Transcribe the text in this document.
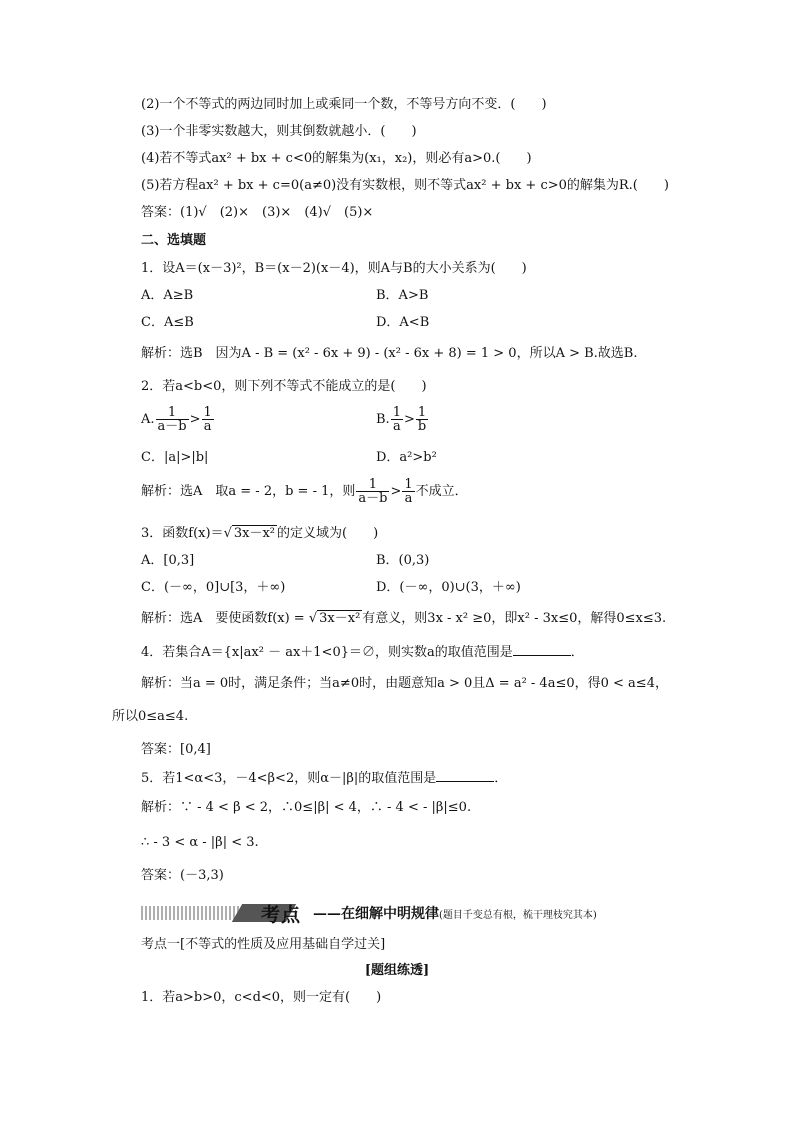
(2)一个不等式的两边同时加上或乘同一个数，不等号方向不变．(　　)
(3)一个非零实数越大，则其倒数就越小．(　　)
(4)若不等式ax² + bx + c<0的解集为(x₁，x₂)，则必有a>0.(　　)
(5)若方程ax² + bx + c=0(a≠0)没有实数根，则不等式ax² + bx + c>0的解集为R.(　　)
答案：(1)√　(2)×　(3)×　(4)√　(5)×
二、选填题
1．设A＝(x－3)²，B＝(x－2)(x－4)，则A与B的大小关系为(　　)
A．A≥B	B．A>B
C．A≤B	D．A<B
解析：选B　因为A - B = (x² - 6x + 9) - (x² - 6x + 8) = 1 > 0，所以A > B.故选B.
2．若a<b<0，则下列不等式不能成立的是(　　)
A. $\frac{1}{a-b} > \frac{1}{a}$	B. $\frac{1}{a} > \frac{1}{b}$
C．|a|>|b|	D．a²>b²
解析：选A　取a = - 2，b = - 1，则 $\frac{1}{a-b} > \frac{1}{a}$ 不成立．
3．函数f(x)＝√ 3x－x² 的定义域为(　　)
A．[0,3]	B．(0,3)
C．(－∞，0]∪[3，＋∞)	D．(－∞，0)∪(3，＋∞)
解析：选A　要使函数f(x) = √ 3x－x² 有意义，则3x - x² ≥0，即x² - 3x≤0，解得0≤x≤3.
4．若集合A＝{x|ax² － ax＋1<0}＝∅，则实数a的取值范围是	．
解析：当a = 0时，满足条件；当a≠0时，由题意知a > 0且Δ = a² - 4a≤0，得0 < a≤4，
所以0≤a≤4.
答案：[0,4]
5．若1<α<3，－4<β<2，则α－|β|的取值范围是	．
解析：∵ - 4 < β < 2，∴0≤|β| < 4，∴ - 4 < - |β|≤0.
∴ - 3 < α - |β| < 3.
答案：(－3,3)
考点 ——在细解中明规律(题目千变总有根，梳干理枝究其本)
考点一[不等式的性质及应用基础自学过关]
[题组练透]
1．若a>b>0，c<d<0，则一定有(　　)
